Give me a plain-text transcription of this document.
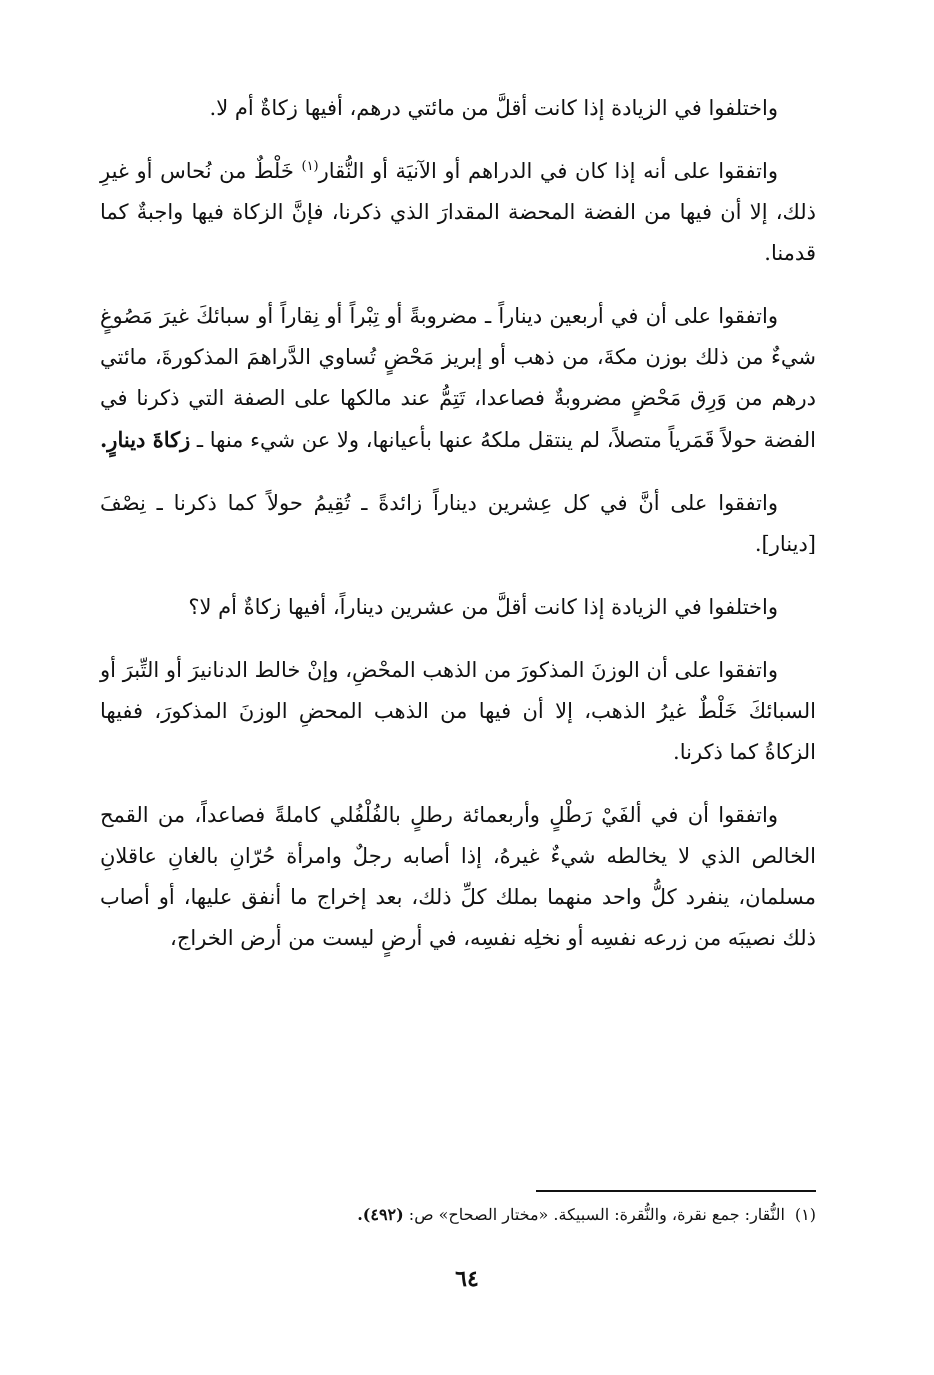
واختلفوا في الزيادة إذا كانت أقلَّ من مائتي درهم، أفيها زكاةٌ أم لا.

واتفقوا على أنه إذا كان في الدراهم أو الآنيَة أو النُّقار$^{(١)}$ خَلْطٌ من نُحاس أو غيرِ ذلك، إلا أن فيها من الفضة المحضة المقدارَ الذي ذكرنا، فإنَّ الزكاة فيها واجبةٌ كما قدمنا.

واتفقوا على أن في أربعين ديناراً ـ مضروبةً أو تِبْراً أو نِقاراً أو سبائكَ غيرَ مَصُوغٍ شيءٌ من ذلك بوزن مكةَ، من ذهب أو إبريز مَحْضٍ تُساوي الدَّراهمَ المذكورةَ، مائتي درهم من وَرِق مَحْضٍ مضروبةٌ فصاعدا، تَتِمُّ عند مالكها على الصفة التي ذكرنا في الفضة حولاً قَمَرياً متصلاً، لم ينتقل ملكهُ عنها بأعيانها، ولا عن شيء منها ـ زكاةَ دينارٍ.

واتفقوا على أنَّ في كل عِشرين ديناراً زائدةً ـ تُقِيمُ حولاً كما ذكرنا ـ نِصْفَ [دينار].

واختلفوا في الزيادة إذا كانت أقلَّ من عشرين ديناراً، أفيها زكاةٌ أم لا؟

واتفقوا على أن الوزنَ المذكورَ من الذهب المحْضِ، وإنْ خالط الدنانيرَ أو التِّبرَ أو السبائكَ خَلْطٌ غيرُ الذهب، إلا أن فيها من الذهب المحضِ الوزنَ المذكورَ، ففيها الزكاةُ كما ذكرنا.

واتفقوا أن في ألفَيْ رَطْلٍ وأربعمائة رطلٍ بالفُلْفُلي كاملةً فصاعداً، من القمح الخالص الذي لا يخالطه شيءٌ غيرهُ، إذا أصابه رجلٌ وامرأة حُرّانِ بالغانِ عاقلانِ مسلمان، ينفرد كلُّ واحد منهما بملك كلِّ ذلك، بعد إخراج ما أنفق عليها، أو أصاب ذلك نصيبَه من زرعه نفسِه أو نخلِه نفسِه، في أرضٍ ليست من أرض الخراج،

(١)النُّقار: جمع نقرة، والنُّقرة: السبيكة. «مختار الصحاح» ص: (٤٩٢).
٦٤
